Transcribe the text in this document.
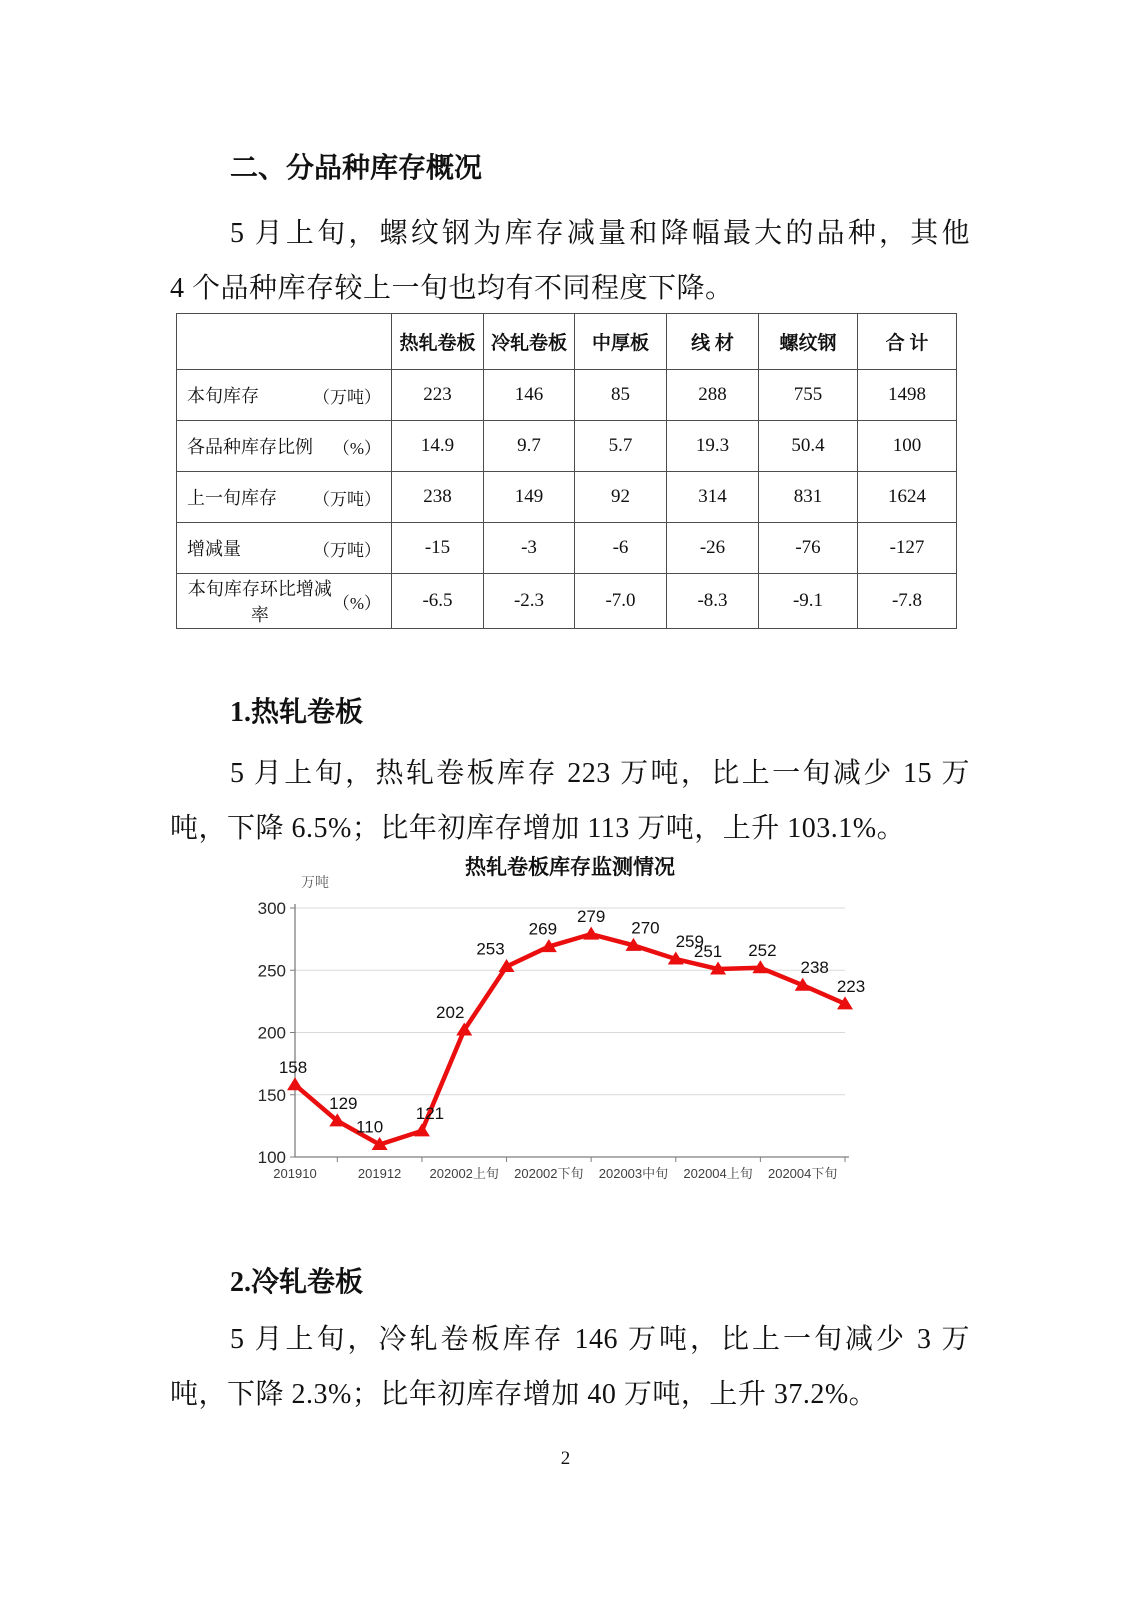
二、分品种库存概况
5 月上旬，螺纹钢为库存减量和降幅最大的品种，其他
4 个品种库存较上一旬也均有不同程度下降。
	热轧卷板	冷轧卷板	中厚板	线 材	螺纹钢	合 计

本旬库存 （万吨）	223	146	85	288	755	1498

各品种库存比例 （%）	14.9	9.7	5.7	19.3	50.4	100

上一旬库存 （万吨）	238	149	92	314	831	1624

增减量 （万吨）	-15	-3	-6	-26	-76	-127

本旬库存环比增减率
（%）	-6.5	-2.3	-7.0	-8.3	-9.1	-7.8
1.热轧卷板
5 月上旬，热轧卷板库存 223 万吨，比上一旬减少 15 万
吨，下降 6.5%；比年初库存增加 113 万吨，上升 103.1%。
热轧卷板库存监测情况
万吨
100
150
200
250
300
201910	201912 202002上旬 202002下旬 202003中旬 202004上旬 202004下旬
158
129
110
121
202
253
269
279
270
259
251 252
238
223
2.冷轧卷板
5 月上旬，冷轧卷板库存 146 万吨，比上一旬减少 3 万
吨，下降 2.3%；比年初库存增加 40 万吨，上升 37.2%。
2
